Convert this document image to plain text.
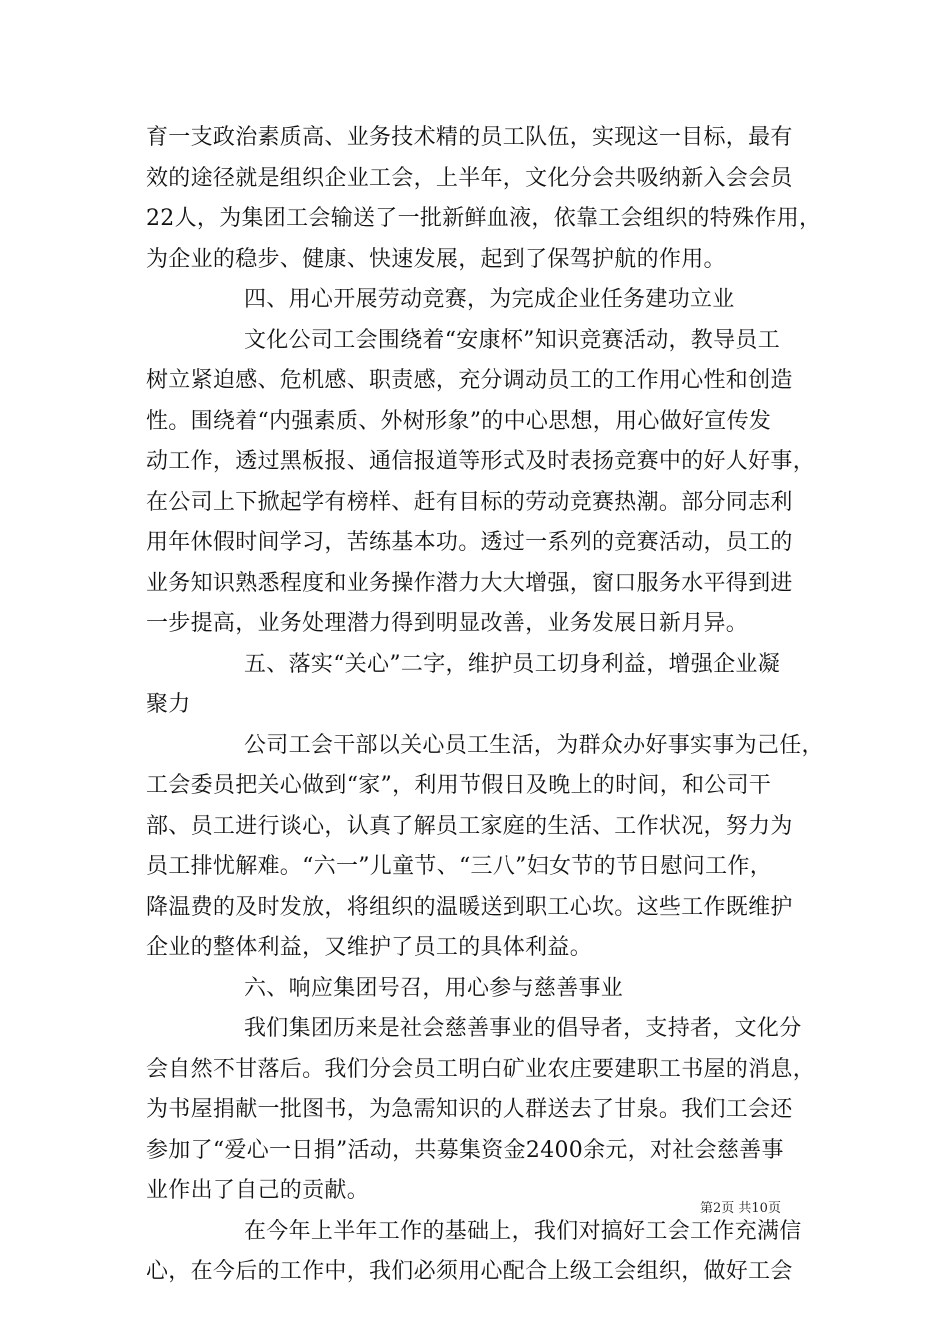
育一支政治素质高、业务技术精的员工队伍，实现这一目标，最有
效的途径就是组织企业工会，上半年，文化分会共吸纳新入会会员
22人，为集团工会输送了一批新鲜血液，依靠工会组织的特殊作用，
为企业的稳步、健康、快速发展，起到了保驾护航的作用。
四、用心开展劳动竞赛，为完成企业任务建功立业
文化公司工会围绕着“安康杯”知识竞赛活动，教导员工
树立紧迫感、危机感、职责感，充分调动员工的工作用心性和创造
性。围绕着“内强素质、外树形象”的中心思想，用心做好宣传发
动工作，透过黑板报、通信报道等形式及时表扬竞赛中的好人好事，
在公司上下掀起学有榜样、赶有目标的劳动竞赛热潮。部分同志利
用年休假时间学习，苦练基本功。透过一系列的竞赛活动，员工的
业务知识熟悉程度和业务操作潜力大大增强，窗口服务水平得到进
一步提高，业务处理潜力得到明显改善，业务发展日新月异。
五、落实“关心”二字，维护员工切身利益，增强企业凝
聚力
公司工会干部以关心员工生活，为群众办好事实事为己任，
工会委员把关心做到“家”，利用节假日及晚上的时间，和公司干
部、员工进行谈心，认真了解员工家庭的生活、工作状况，努力为
员工排忧解难。“六一”儿童节、“三八”妇女节的节日慰问工作，
降温费的及时发放，将组织的温暖送到职工心坎。这些工作既维护
企业的整体利益，又维护了员工的具体利益。
六、响应集团号召，用心参与慈善事业
我们集团历来是社会慈善事业的倡导者，支持者，文化分
会自然不甘落后。我们分会员工明白矿业农庄要建职工书屋的消息，
为书屋捐献一批图书，为急需知识的人群送去了甘泉。我们工会还
参加了“爱心一日捐”活动，共募集资金2400余元，对社会慈善事
业作出了自己的贡献。
在今年上半年工作的基础上，我们对搞好工会工作充满信
心，在今后的工作中，我们必须用心配合上级工会组织，做好工会
第2页 共10页
